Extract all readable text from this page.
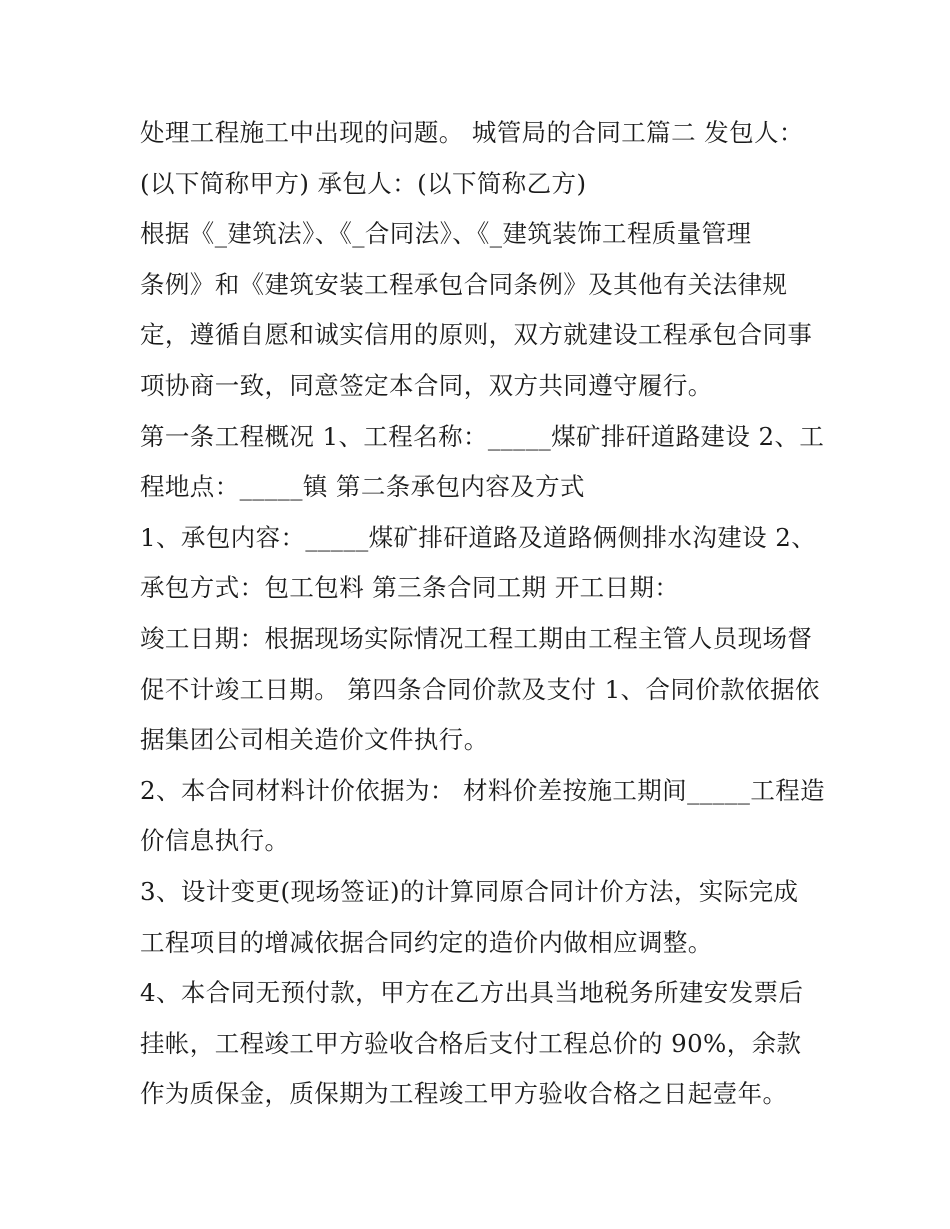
处理工程施工中出现的问题。 城管局的合同工篇二 发包人：
(以下简称甲方) 承包人：(以下简称乙方)
根据《_建筑法》、《_合同法》、《_建筑装饰工程质量管理
条例》和《建筑安装工程承包合同条例》及其他有关法律规
定，遵循自愿和诚实信用的原则，双方就建设工程承包合同事
项协商一致，同意签定本合同，双方共同遵守履行。
第一条工程概况 1、工程名称：_____煤矿排矸道路建设 2、工
程地点：_____镇 第二条承包内容及方式
1、承包内容：_____煤矿排矸道路及道路俩侧排水沟建设 2、
承包方式：包工包料 第三条合同工期 开工日期：
竣工日期：根据现场实际情况工程工期由工程主管人员现场督
促不计竣工日期。 第四条合同价款及支付 1、合同价款依据依
据集团公司相关造价文件执行。
2、本合同材料计价依据为： 材料价差按施工期间_____工程造
价信息执行。
3、设计变更(现场签证)的计算同原合同计价方法，实际完成
工程项目的增减依据合同约定的造价内做相应调整。
4、本合同无预付款，甲方在乙方出具当地税务所建安发票后
挂帐，工程竣工甲方验收合格后支付工程总价的 90%，余款
作为质保金，质保期为工程竣工甲方验收合格之日起壹年。
